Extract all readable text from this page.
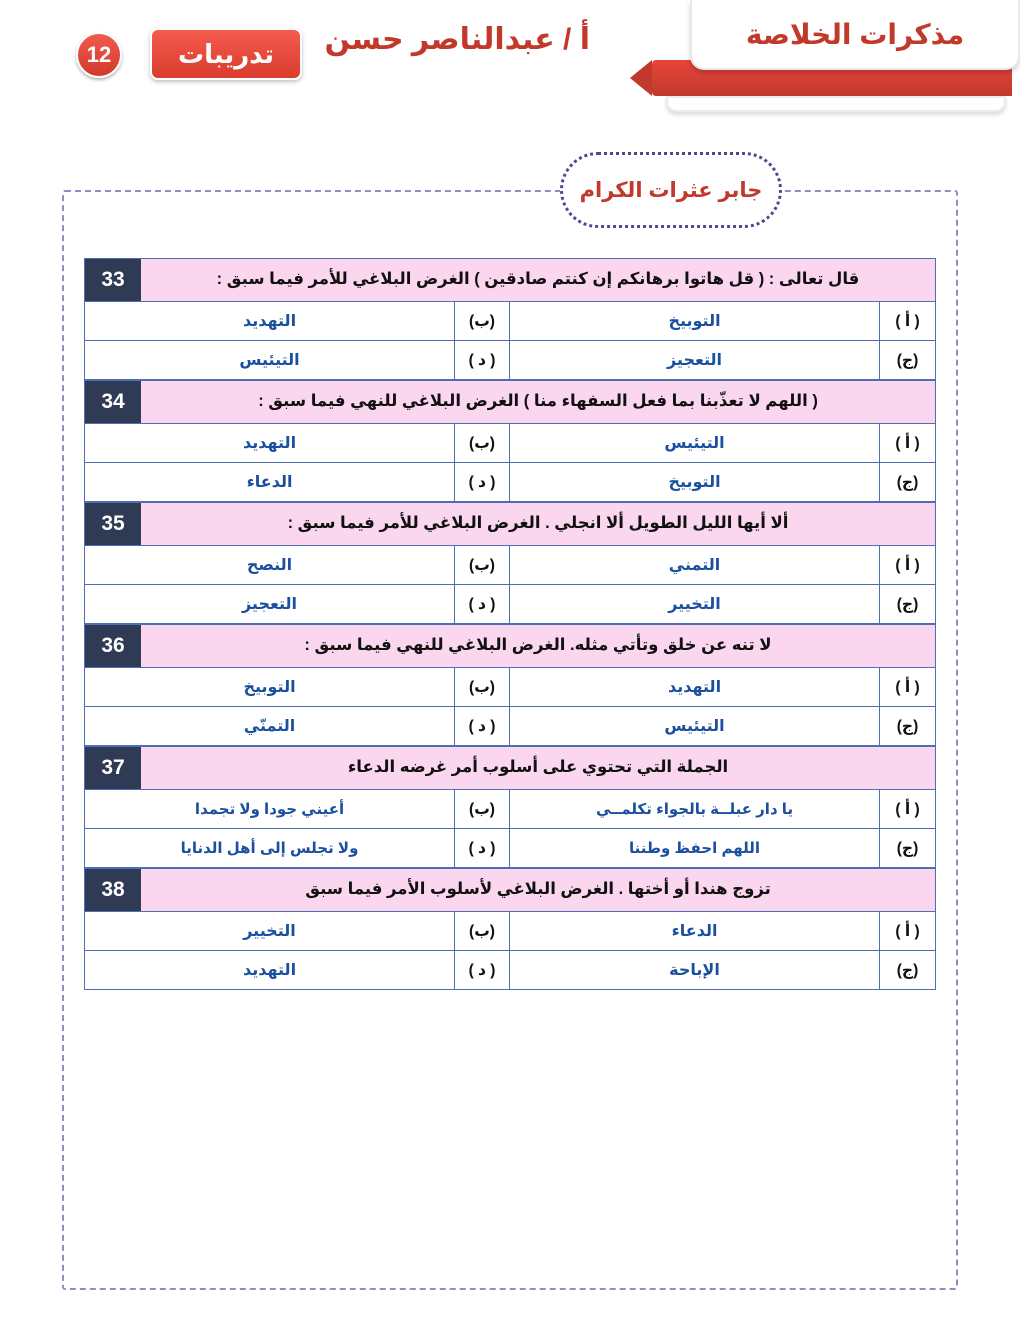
مذكرات الخلاصة
أ / عبدالناصر حسن
تدريبات
12
جابر عثرات الكرام
قال تعالى : ( قل هاتوا برهانكم إن كنتم صادقين ) الغرض البلاغي للأمر فيما سبق :
33
( أ )
التوبيخ
(ب)
التهديد
(ج)
التعجيز
( د )
التيئيس
( اللهم لا تعذّبنا بما فعل السفهاء منا ) الغرض البلاغي للنهي فيما سبق :
34
( أ )
التيئيس
(ب)
التهديد
(ج)
التوبيخ
( د )
الدعاء
ألا أيها الليل الطويل ألا انجلي . الغرض البلاغي للأمر فيما سبق :
35
( أ )
التمني
(ب)
النصح
(ج)
التخيير
( د )
التعجيز
لا تنه عن خلق وتأتي مثله. الغرض البلاغي للنهي فيما سبق :
36
( أ )
التهديد
(ب)
التوبيخ
(ج)
التيئيس
( د )
التمنّي
الجملة التي تحتوي على أسلوب أمر غرضه الدعاء
37
( أ )
يا دار عبلــة بالجواء تكلمــي
(ب)
أعيني جودا ولا تجمدا
(ج)
اللهم احفظ وطننا
( د )
ولا تجلس إلى أهل الدنايا
تزوج هندا أو أختها . الغرض البلاغي لأسلوب الأمر فيما سبق
38
( أ )
الدعاء
(ب)
التخيير
(ج)
الإباحة
( د )
التهديد
